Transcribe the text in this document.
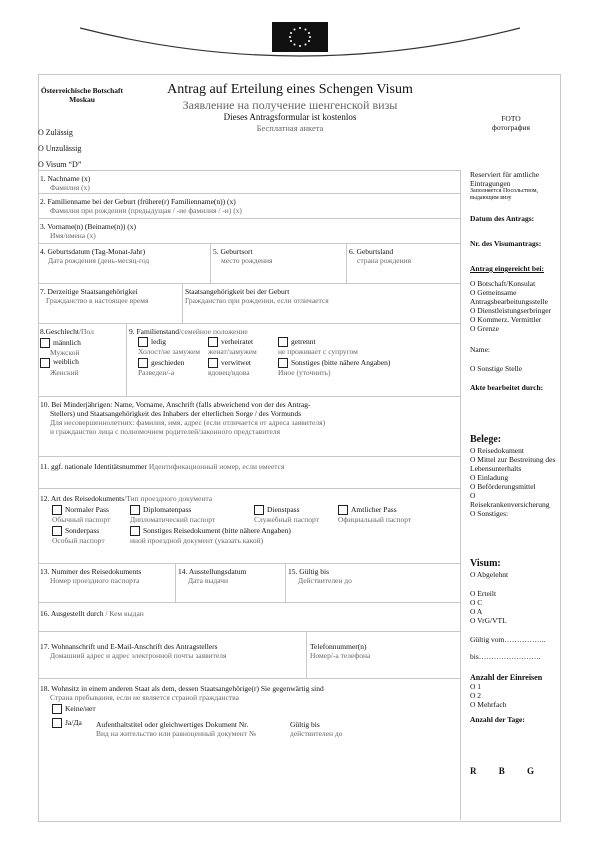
Österreichische Botschaft
Moskau
Antrag auf Erteilung eines Schengen Visum
Заявление на получение шенгенской визы
Dieses Antragsformular ist kostenlos
Бесплатная анкета
FOTO
фотография
O Zulässig
O Unzulässig
O Visum “D”
1. Nachname (x)
Фамилия (x)
2. Familienname bei der Geburt (frühere(r) Familienname(n)) (x)
Фамилия при рождении (предыдущая / -ие фамилия / -и) (x)
3. Vorname(n) (Beiname(n)) (x)
Имя/имена (x)
4. Geburtsdatum (Tag-Monat-Jahr)
Дата рождения (день-месяц-год
5. Geburtsort
место рождения
6. Geburtsland
страна рождения
7. Derzeitige Staatsangehörigkei
Гражданство в настоящее время
Staatsangehörigkeit bei der Geburt
Гражданство при рождении, если отличается
8.Geschlecht/Пол
männlich
Мужской
weiblich
Женский
9. Familienstand/семейное положение
ledig
Холост/не замужем
verheiratet
женат/замужем
getrennt
не проживает с супругом
geschieden
Разведен/-а
verwitwet
вдовец/вдова
Sonstiges (bitte nähere Angaben)
Иное (уточнить)
10. Bei Minderjährigen: Name, Vorname, Anschrift (falls abweichend von der des Antrag-
Stellers) und Staatsangehörigkeit des Inhabers der elterlichen Sorge / des Vormunds
Для несовершеннолетних: фамилия, имя, адрес (если отличается от адреса заявителя)
и гражданство лица с полномочием родителей/законного представителя
11. ggf. nationale Identitätsnummer Идентификационный номер, если имеется
12. Art des Reisedokuments/Тип проездного документа
Normaler Pass
Обычный паспорт
Diplomatenpass
Дипломатический паспорт
Dienstpass
Служебный паспорт
Amtlicher Pass
Официальный паспорт
Sonderpass
Особый паспорт
Sonstiges Reisedokument (bitte nähere Angaben)
иной проездной документ (указать какой)
13. Nummer des Reisedokuments
Номер проездного паспорта
14. Ausstellungsdatum
Дата выдачи
15. Gültig bis
Действителен до
16. Ausgestellt durch / Кем выдан
17. Wohnanschrift und E-Mail-Anschrift des Antragstellers
Домашний адрес и адрес электронной почты заявителя
Telefonnummer(n)
Номер/-а телефона
18. Wohnsitz in einem anderen Staat als dem, dessen Staatsangehörige(r) Sie gegenwärtig sind
Страна пребывания, если не является страной гражданства
Keine/нет
Ja/Да Aufenthaltstitel oder gleichwertiges Dokument Nr.
Вид на жительство или равноценный документ №
Gültig bis
действителен до
Reserviert für amtliche Eintragungen
Заполняется Посольством, выдающим визу
Datum des Antrags:
Nr. des Visumantrags:
Antrag eingereicht bei:
O Botschaft/Konsulat
O Gemeinsame Antragsbearbeitungsstelle
O Dienstleistungserbringer
O Kommerz. Vermittler
O Grenze
Name:
O Sonstige Stelle
Akte bearbeitet durch:
Belege:
O Reisedokument
O Mittel zur Bestreitung des Lebensunterhalts
O Einladung
O Beförderungsmittel
O Reisekrankenversicherung
O Sonstiges:
Visum:
O Abgelehnt
O Erteilt
O C
O A
O VrG/VTL
Gültig vom……………..
bis…………………….
Anzahl der Einreisen
O 1
O 2
O Mehrfach
Anzahl der Tage:
R B G
